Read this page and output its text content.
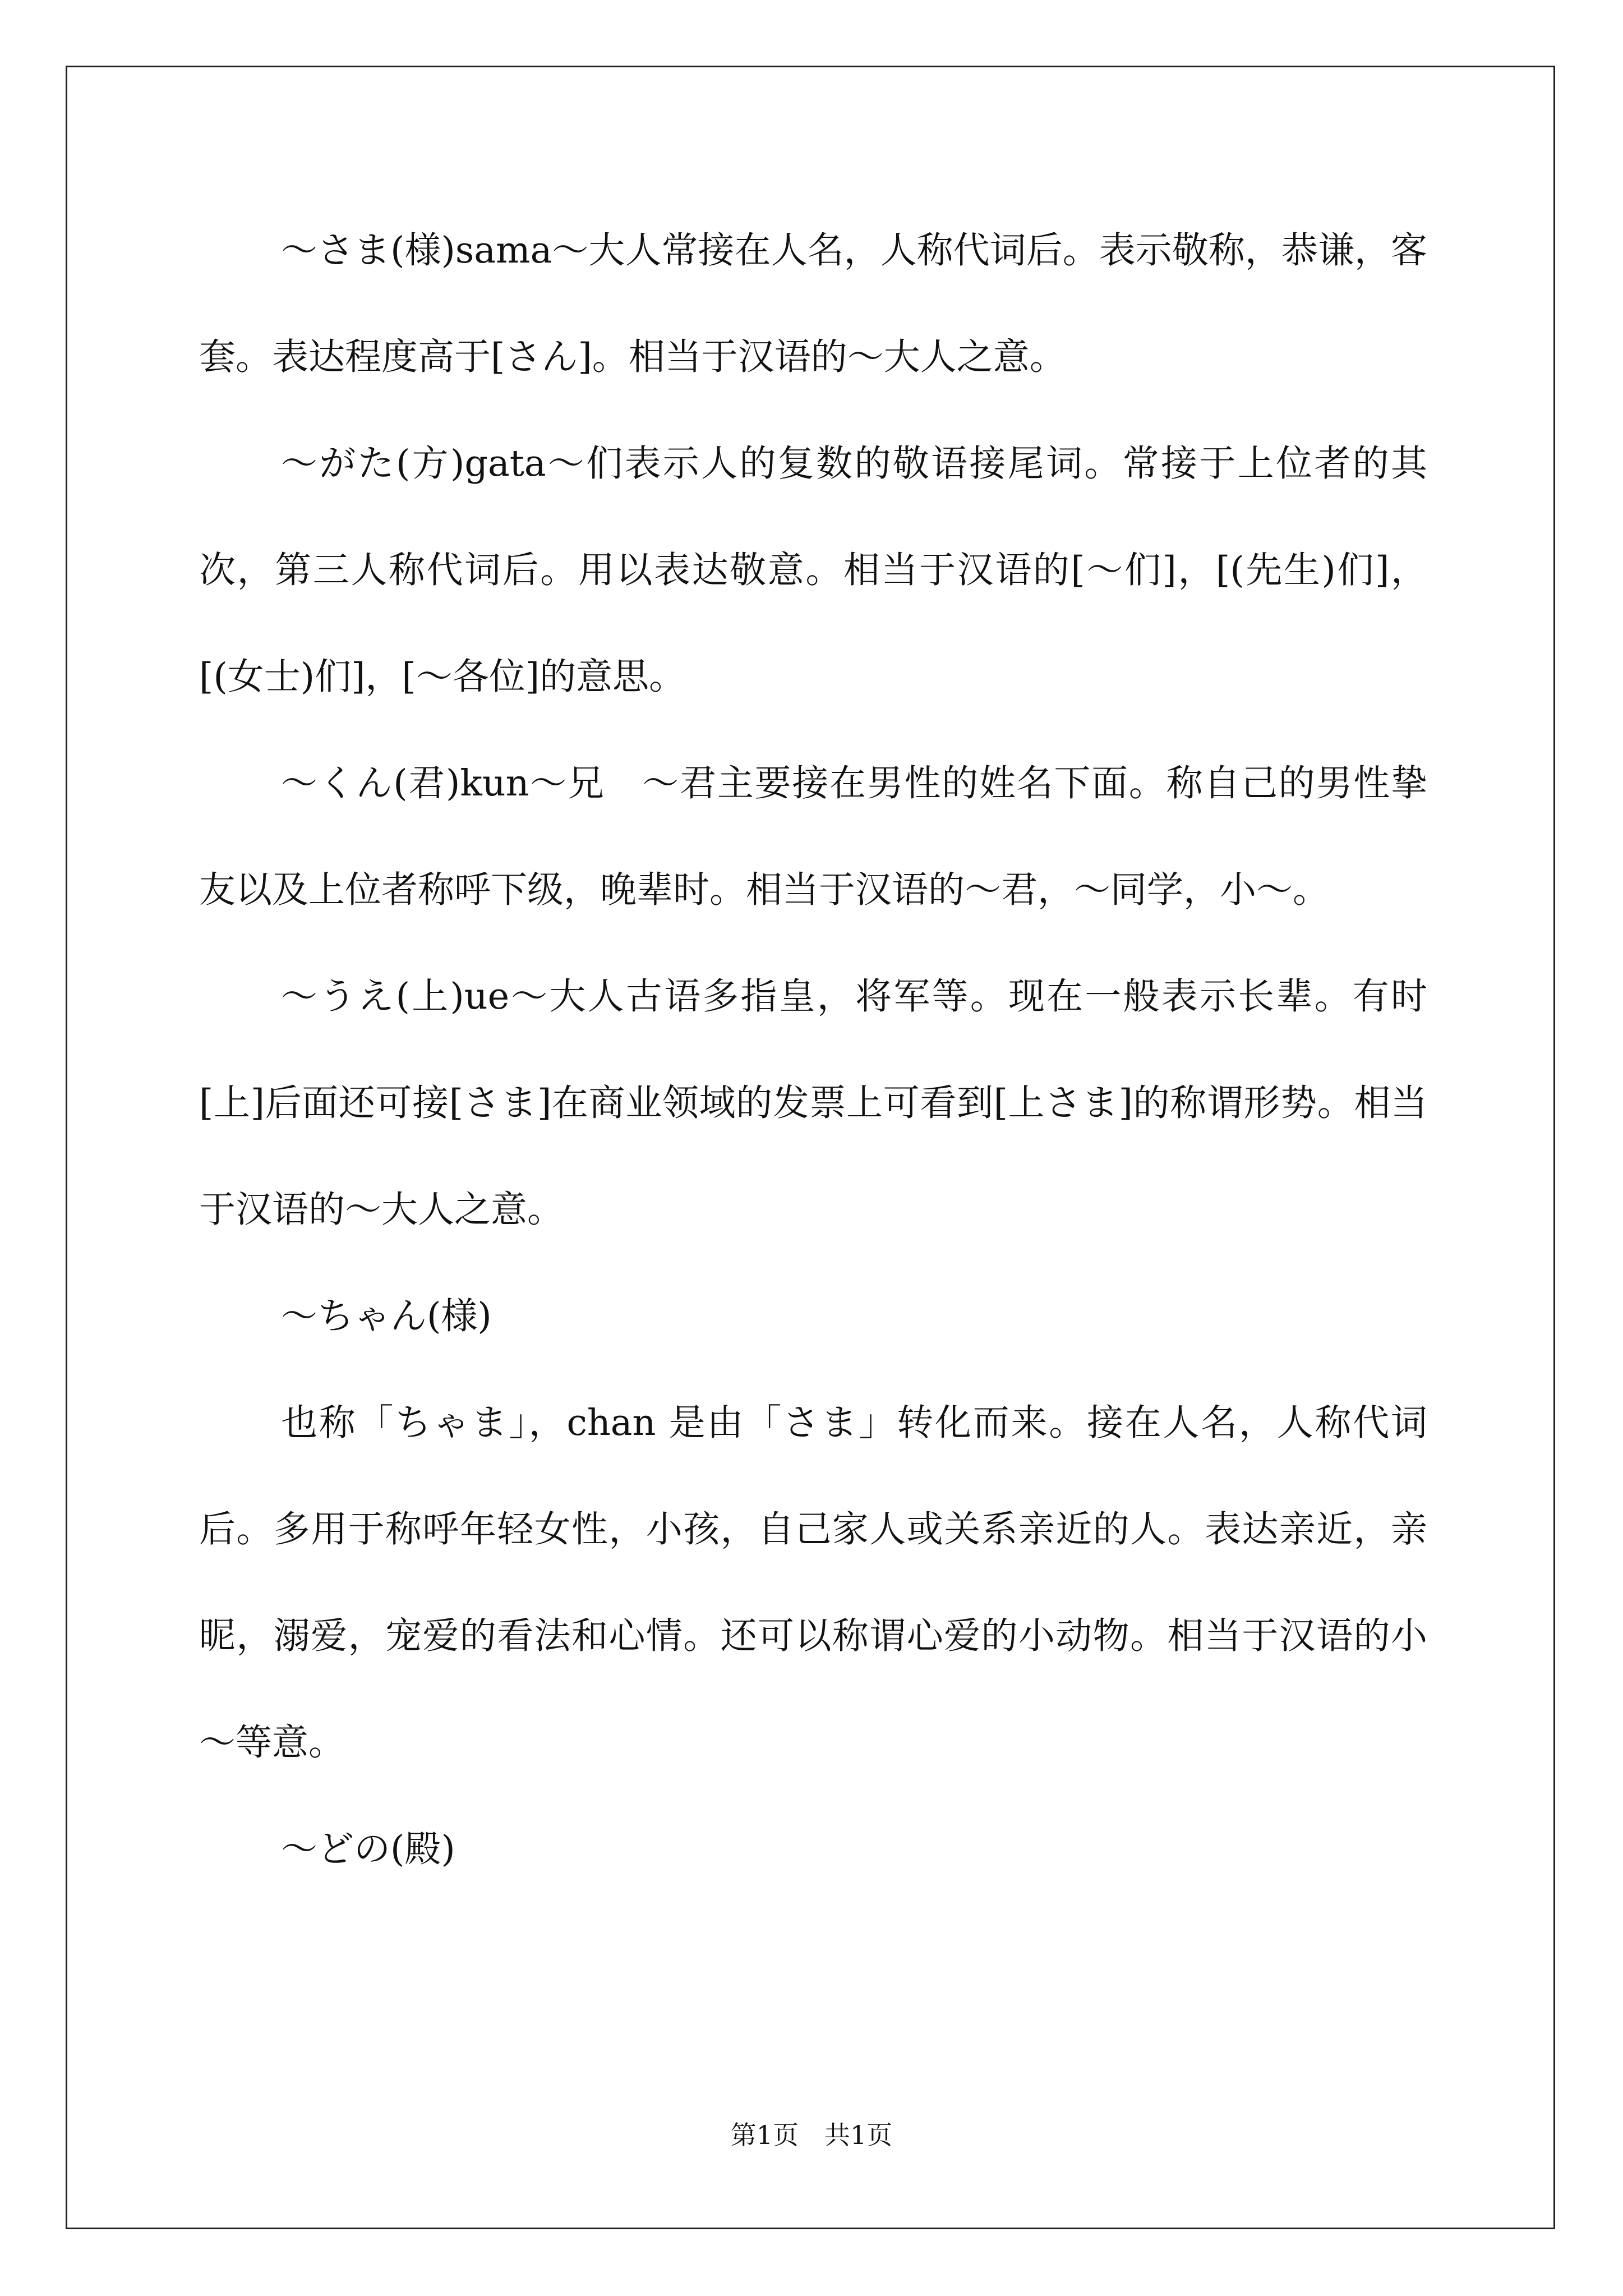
～さま(様)sama～大人常接在人名，人称代词后。表示敬称，恭谦，客套。表达程度高于[さん]。相当于汉语的～大人之意。

～がた(方)gata～们表示人的复数的敬语接尾词。常接于上位者的其次，第三人称代词后。用以表达敬意。相当于汉语的[～们]，[(先生)们]，[(女士)们]，[～各位]的意思。

～くん(君)kun～兄　～君主要接在男性的姓名下面。称自己的男性挚友以及上位者称呼下级，晚辈时。相当于汉语的～君，～同学，小～。

～うえ(上)ue～大人古语多指皇，将军等。现在一般表示长辈。有时[上]后面还可接[さま]在商业领域的发票上可看到[上さま]的称谓形势。相当于汉语的～大人之意。

～ちゃん(様)

也称「ちゃま」，chan 是由「さま」转化而来。接在人名，人称代词后。多用于称呼年轻女性，小孩，自己家人或关系亲近的人。表达亲近，亲昵，溺爱，宠爱的看法和心情。还可以称谓心爱的小动物。相当于汉语的小～等意。

～どの(殿)

第1页　共1页
